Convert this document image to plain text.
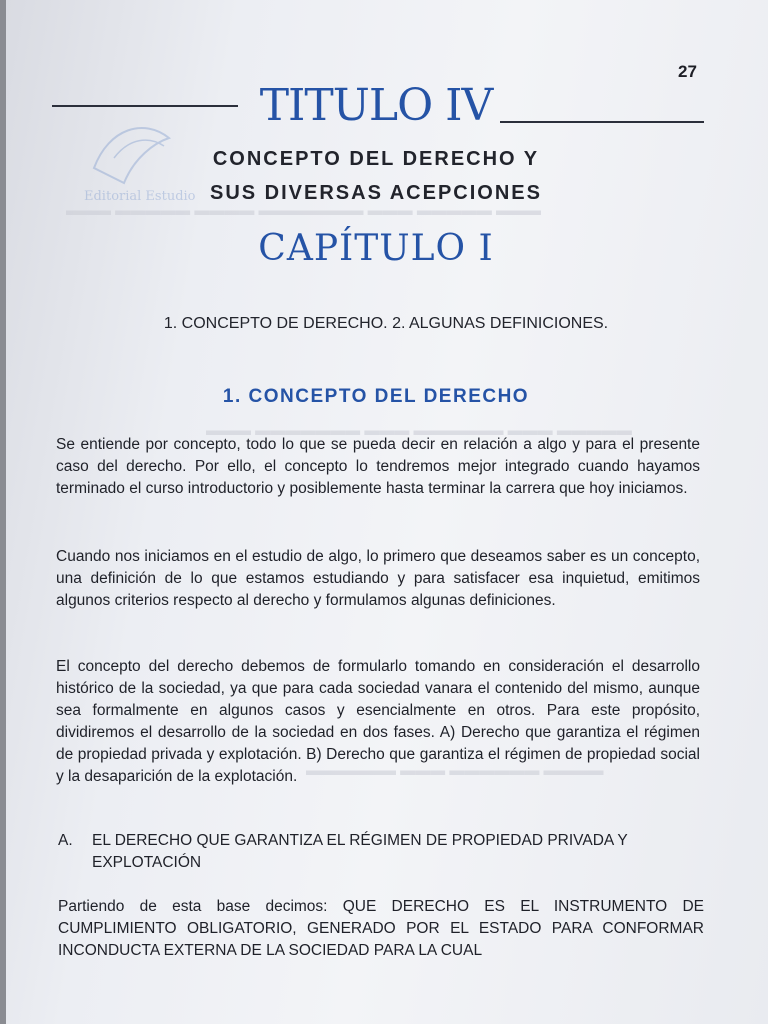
▬▬▬ ▬▬▬▬▬ ▬▬▬ ▬▬▬▬▬▬▬ ▬▬▬▬ ▬▬▬▬▬ ▬▬▬
▬▬▬▬▬ ▬▬▬ ▬▬▬▬▬▬ ▬▬▬ ▬▬▬▬▬▬▬ ▬▬▬
▬▬▬▬ ▬▬▬▬▬▬ ▬▬▬ ▬▬▬▬▬▬
Editorial Estudio
27
TITULO IV
CONCEPTO DEL DERECHO Y
SUS DIVERSAS ACEPCIONES
CAPÍTULO I
1. CONCEPTO DE DERECHO. 2. ALGUNAS DEFINICIONES.
1. CONCEPTO DEL DERECHO
Se entiende por concepto, todo lo que se pueda decir en relación a algo y para el presente caso del derecho. Por ello, el concepto lo tendremos mejor integrado cuando hayamos terminado el curso introductorio y posiblemente hasta terminar la carrera que hoy iniciamos.
Cuando nos iniciamos en el estudio de algo, lo primero que deseamos saber es un concepto, una definición de lo que estamos estudiando y para satisfacer esa inquietud, emitimos algunos criterios respecto al derecho y formulamos algunas definiciones.
El concepto del derecho debemos de formularlo tomando en consideración el desarrollo histórico de la sociedad, ya que para cada sociedad vanara el contenido del mismo, aunque sea formalmente en algunos casos y esencialmente en otros. Para este propósito, dividiremos el desarrollo de la sociedad en dos fases. A) Derecho que garantiza el régimen de propiedad privada y explotación. B) Derecho que garantiza el régimen de propiedad social y la desaparición de la explotación.
A. EL DERECHO QUE GARANTIZA EL RÉGIMEN DE PROPIEDAD PRIVADA Y EXPLOTACIÓN
Partiendo de esta base decimos: QUE DERECHO ES EL INSTRUMENTO DE CUMPLIMIENTO OBLIGATORIO, GENERADO POR EL ESTADO PARA CONFORMAR INCONDUCTA EXTERNA DE LA SOCIEDAD PARA LA CUAL
